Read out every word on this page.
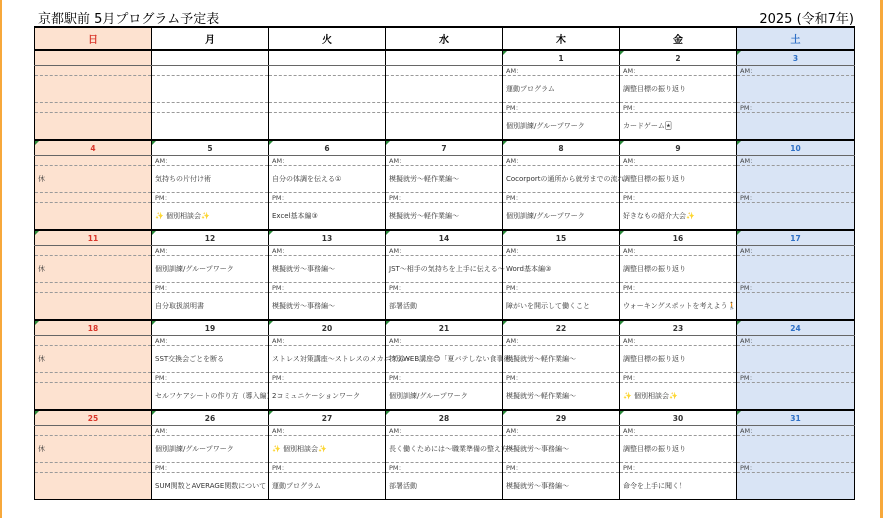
京都駅前 5月プログラム予定表	2025 (令和7年)
日	月	火	水	木	金	土
				1	2	3
				AM：	AM：	AM：
				運動プログラム	調整目標の振り返り	
				PM：	PM：	PM：
				個別訓練/グループワーク	カードゲーム🃏	
4	5	6	7	8	9	10
	AM：	AM：	AM：	AM：	AM：	AM：
休	気持ちの片付け術	自分の体調を伝える①	模擬就労～軽作業編～	Cocorportの通所から就労までの流れ	調整目標の振り返り	
	PM：	PM：	PM：	PM：	PM：	PM：
	✨ 個別相談会✨	Excel基本編③	模擬就労～軽作業編～	個別訓練/グループワーク	好きなもの紹介大会✨	
11	12	13	14	15	16	17
	AM：	AM：	AM：	AM：	AM：	AM：
休	個別訓練/グループワーク	模擬就労～事務編～	JST～相手の気持ちを上手に伝える～	Word基本編③	調整目標の振り返り	
	PM：	PM：	PM：	PM：	PM：	PM：
	自分取扱説明書	模擬就労～事務編～	部署活動	障がいを開示して働くこと	ウォーキングスポットを考えよう🚶	
18	19	20	21	22	23	24
	AM：	AM：	AM：	AM：	AM：	AM：
休	SST交換会ごとを断る	ストレス対策講座～ストレスのメカニズム～	特別WEB講座😊「夏バテしない食事術」	模擬就労～軽作業編～	調整目標の振り返り	
	PM：	PM：	PM：	PM：	PM：	PM：
	セルフケアシートの作り方（導入編）	2コミュニケーションワーク	個別訓練/グループワーク	模擬就労～軽作業編～	✨ 個別相談会✨	
25	26	27	28	29	30	31
	AM：	AM：	AM：	AM：	AM：	AM：
休	個別訓練/グループワーク	✨ 個別相談会✨	長く働くためには～職業準備の整え方～	模擬就労～事務編～	調整目標の振り返り	
	PM：	PM：	PM：	PM：	PM：	PM：
	SUM関数とAVERAGE関数について	運動プログラム	部署活動	模擬就労～事務編～	命令を上手に聞く！	
